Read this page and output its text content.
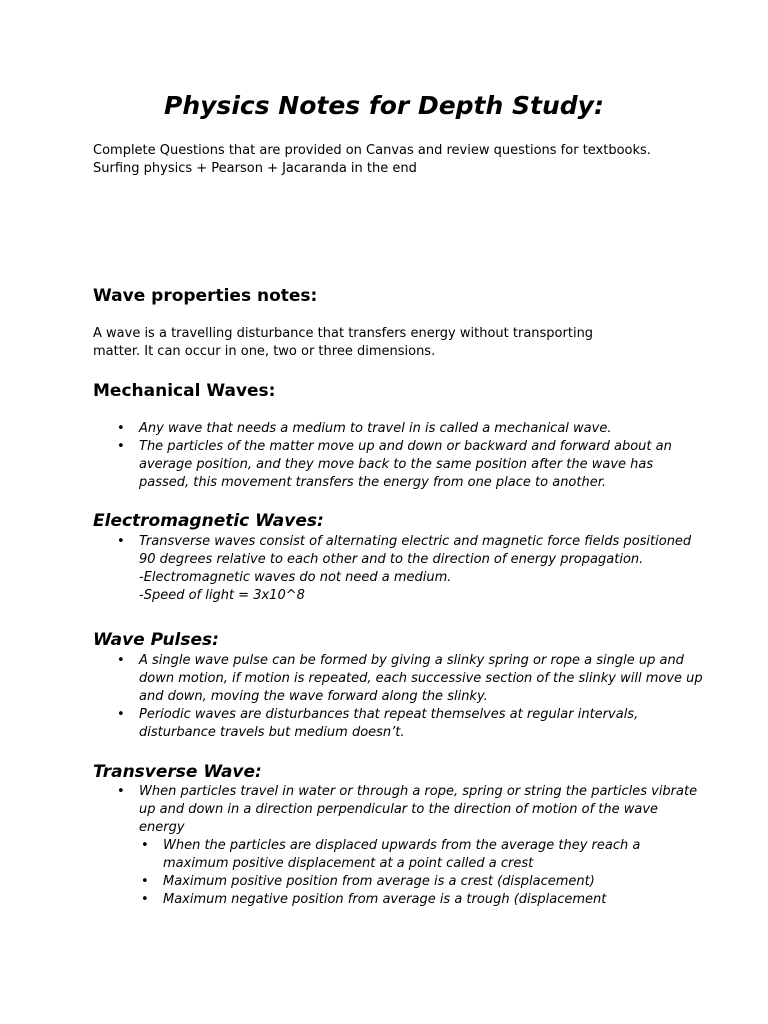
Physics Notes for Depth Study:
Complete Questions that are provided on Canvas and review questions for textbooks.
Surfing physics + Pearson + Jacaranda in the end
Wave properties notes:
A wave is a travelling disturbance that transfers energy without transporting
matter. It can occur in one, two or three dimensions.
Mechanical Waves:
• Any wave that needs a medium to travel in is called a mechanical wave.
• The particles of the matter move up and down or backward and forward about an
average position, and they move back to the same position after the wave has
passed, this movement transfers the energy from one place to another.
Electromagnetic Waves:
• Transverse waves consist of alternating electric and magnetic force fields positioned
90 degrees relative to each other and to the direction of energy propagation.
-Electromagnetic waves do not need a medium.
-Speed of light = 3x10^8
Wave Pulses:
• A single wave pulse can be formed by giving a slinky spring or rope a single up and
down motion, if motion is repeated, each successive section of the slinky will move up
and down, moving the wave forward along the slinky.
• Periodic waves are disturbances that repeat themselves at regular intervals,
disturbance travels but medium doesn’t.
Transverse Wave:
• When particles travel in water or through a rope, spring or string the particles vibrate
up and down in a direction perpendicular to the direction of motion of the wave
energy
• When the particles are displaced upwards from the average they reach a
maximum positive displacement at a point called a crest
• Maximum positive position from average is a crest (displacement)
• Maximum negative position from average is a trough (displacement
